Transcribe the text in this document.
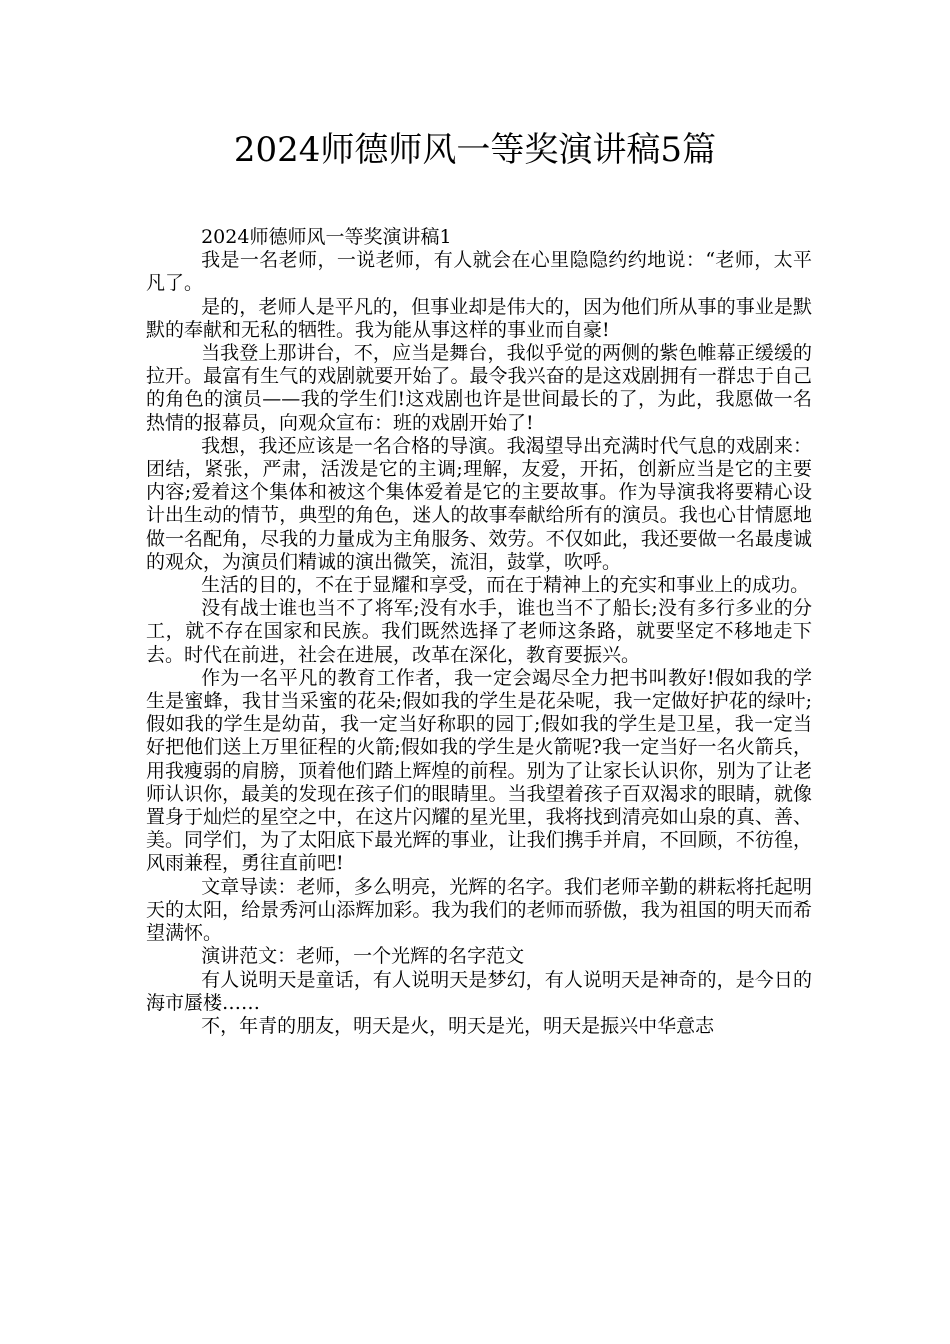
2024师德师风一等奖演讲稿5篇

2024师德师风一等奖演讲稿1

我是一名老师，一说老师，有人就会在心里隐隐约约地说：“老师，太平凡了。

是的，老师人是平凡的，但事业却是伟大的，因为他们所从事的事业是默默的奉献和无私的牺牲。我为能从事这样的事业而自豪!

当我登上那讲台，不，应当是舞台，我似乎觉的两侧的紫色帷幕正缓缓的拉开。最富有生气的戏剧就要开始了。最令我兴奋的是这戏剧拥有一群忠于自己的角色的演员——我的学生们!这戏剧也许是世间最长的了，为此，我愿做一名热情的报幕员，向观众宣布：班的戏剧开始了!

我想，我还应该是一名合格的导演。我渴望导出充满时代气息的戏剧来：团结，紧张，严肃，活泼是它的主调;理解，友爱，开拓，创新应当是它的主要内容;爱着这个集体和被这个集体爱着是它的主要故事。作为导演我将要精心设计出生动的情节，典型的角色，迷人的故事奉献给所有的演员。我也心甘情愿地做一名配角，尽我的力量成为主角服务、效劳。不仅如此，我还要做一名最虔诚的观众，为演员们精诚的演出微笑，流泪，鼓掌，吹呼。

生活的目的，不在于显耀和享受，而在于精神上的充实和事业上的成功。

没有战士谁也当不了将军;没有水手，谁也当不了船长;没有多行多业的分工，就不存在国家和民族。我们既然选择了老师这条路，就要坚定不移地走下去。时代在前进，社会在进展，改革在深化，教育要振兴。

作为一名平凡的教育工作者，我一定会竭尽全力把书叫教好!假如我的学生是蜜蜂，我甘当采蜜的花朵;假如我的学生是花朵呢，我一定做好护花的绿叶;假如我的学生是幼苗，我一定当好称职的园丁;假如我的学生是卫星，我一定当好把他们送上万里征程的火箭;假如我的学生是火箭呢?我一定当好一名火箭兵，用我瘦弱的肩膀，顶着他们踏上辉煌的前程。别为了让家长认识你，别为了让老师认识你，最美的发现在孩子们的眼睛里。当我望着孩子百双渴求的眼睛，就像置身于灿烂的星空之中，在这片闪耀的星光里，我将找到清亮如山泉的真、善、美。同学们，为了太阳底下最光辉的事业，让我们携手并肩，不回顾，不彷徨，风雨兼程，勇往直前吧!

文章导读：老师，多么明亮，光辉的名字。我们老师辛勤的耕耘将托起明天的太阳，给景秀河山添辉加彩。我为我们的老师而骄傲，我为祖国的明天而希望满怀。

演讲范文：老师，一个光辉的名字范文

有人说明天是童话，有人说明天是梦幻，有人说明天是神奇的，是今日的海市蜃楼……

不，年青的朋友，明天是火，明天是光，明天是振兴中华意志
